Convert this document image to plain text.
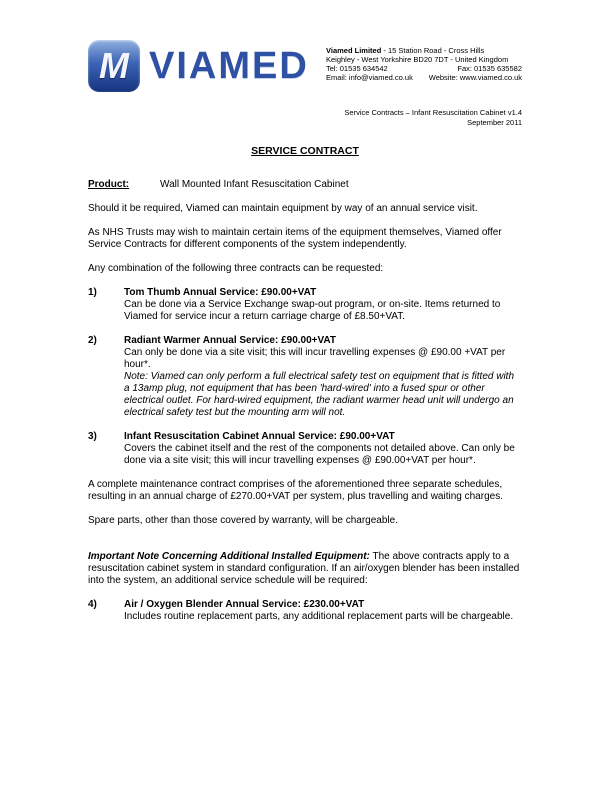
M VIAMED Viamed Limited - 15 Station Road - Cross Hills
Keighley - West Yorkshire BD20 7DT - United Kingdom
Tel: 01535 634542	Fax: 01535 635582
Email: info@viamed.co.uk Website: www.viamed.co.uk
Service Contracts – Infant Resuscitation Cabinet v1.4
September 2011
SERVICE CONTRACT
Product:	Wall Mounted Infant Resuscitation Cabinet
Should it be required, Viamed can maintain equipment by way of an annual service visit.
As NHS Trusts may wish to maintain certain items of the equipment themselves, Viamed offer Service Contracts for different components of the system independently.
Any combination of the following three contracts can be requested:
1)	Tom Thumb Annual Service: £90.00+VAT
Can be done via a Service Exchange swap-out program, or on-site. Items returned to Viamed for service incur a return carriage charge of £8.50+VAT.
2)	Radiant Warmer Annual Service: £90.00+VAT
Can only be done via a site visit; this will incur travelling expenses @ £90.00 +VAT per hour*.
Note: Viamed can only perform a full electrical safety test on equipment that is fitted with a 13amp plug, not equipment that has been 'hard-wired' into a fused spur or other electrical outlet. For hard-wired equipment, the radiant warmer head unit will undergo an electrical safety test but the mounting arm will not.
3)	Infant Resuscitation Cabinet Annual Service: £90.00+VAT
Covers the cabinet itself and the rest of the components not detailed above. Can only be done via a site visit; this will incur travelling expenses @ £90.00+VAT per hour*.
A complete maintenance contract comprises of the aforementioned three separate schedules, resulting in an annual charge of £270.00+VAT per system, plus travelling and waiting charges.
Spare parts, other than those covered by warranty, will be chargeable.
Important Note Concerning Additional Installed Equipment: The above contracts apply to a resuscitation cabinet system in standard configuration. If an air/oxygen blender has been installed into the system, an additional service schedule will be required:
4)	Air / Oxygen Blender Annual Service: £230.00+VAT
Includes routine replacement parts, any additional replacement parts will be chargeable.
